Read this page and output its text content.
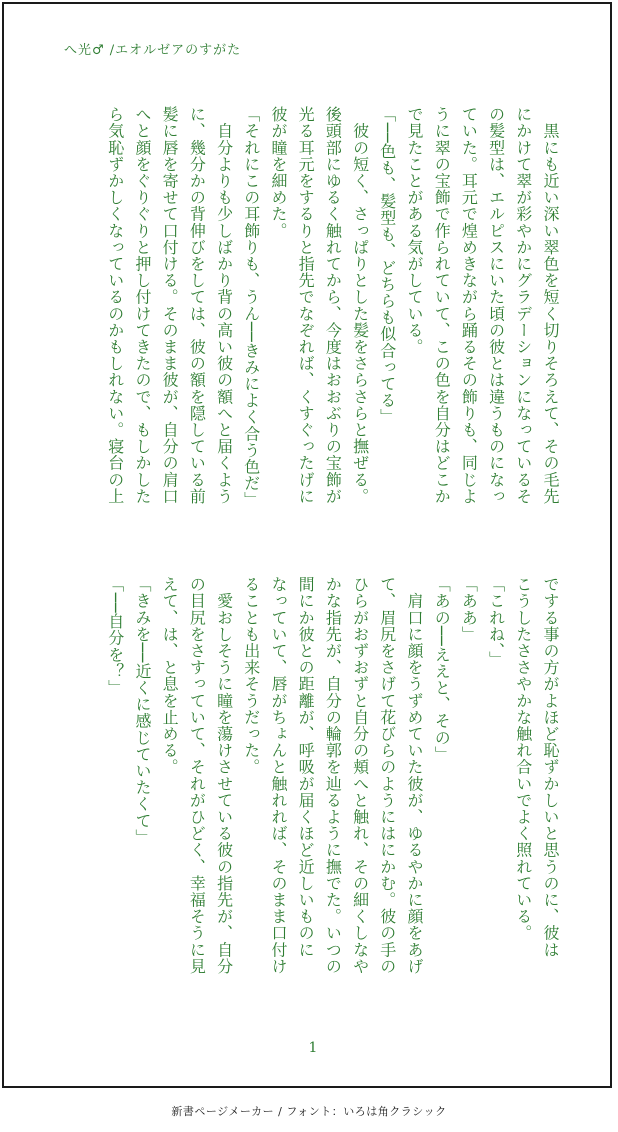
へ光♂ /エオルゼアのすがた
　黒にも近い深い翠色を短く切りそろえて、その毛先
にかけて翠が彩やかにグラデーションになっているそ
の髪型は、エルピスにいた頃の彼とは違うものになっ
ていた。耳元で煌めきながら踊るその飾りも、同じよ
うに翠の宝飾で作られていて、この色を自分はどこか
で見たことがある気がしている。
「──色も、髪型も、どちらも似合ってる」
　彼の短く、さっぱりとした髪をさらさらと撫ぜる。
後頭部にゆるく触れてから、今度はおおぶりの宝飾が
光る耳元をするりと指先でなぞれば、くすぐったげに
彼が瞳を細めた。
「それにこの耳飾りも、うん──きみによく合う色だ」
　自分よりも少しばかり背の高い彼の額へと届くよう
に、幾分かの背伸びをしては、彼の額を隠している前
髪に唇を寄せて口付ける。そのまま彼が、自分の肩口
へと顔をぐりぐりと押し付けてきたので、もしかした
ら気恥ずかしくなっているのかもしれない。寝台の上
でする事の方がよほど恥ずかしいと思うのに、彼は
こうしたささやかな触れ合いでよく照れている。
「これね、」
「ああ」
「あの──ええと、その」
　肩口に顔をうずめていた彼が、ゆるやかに顔をあげ
て、眉尻をさげて花びらのようにはにかむ。彼の手の
ひらがおずおずと自分の頬へと触れ、その細くしなや
かな指先が、自分の輪郭を辿るように撫でた。いつの
間にか彼との距離が、呼吸が届くほど近しいものに
なっていて、唇がちょんと触れれば、そのまま口付け
ることも出来そうだった。
　愛おしそうに瞳を蕩けさせている彼の指先が、自分
の目尻をさすっていて、それがひどく、幸福そうに見
えて、は、と息を止める。
「きみを──近くに感じていたくて」
「──自分を？」
1
新書ページメーカー / フォント：いろは角クラシック
